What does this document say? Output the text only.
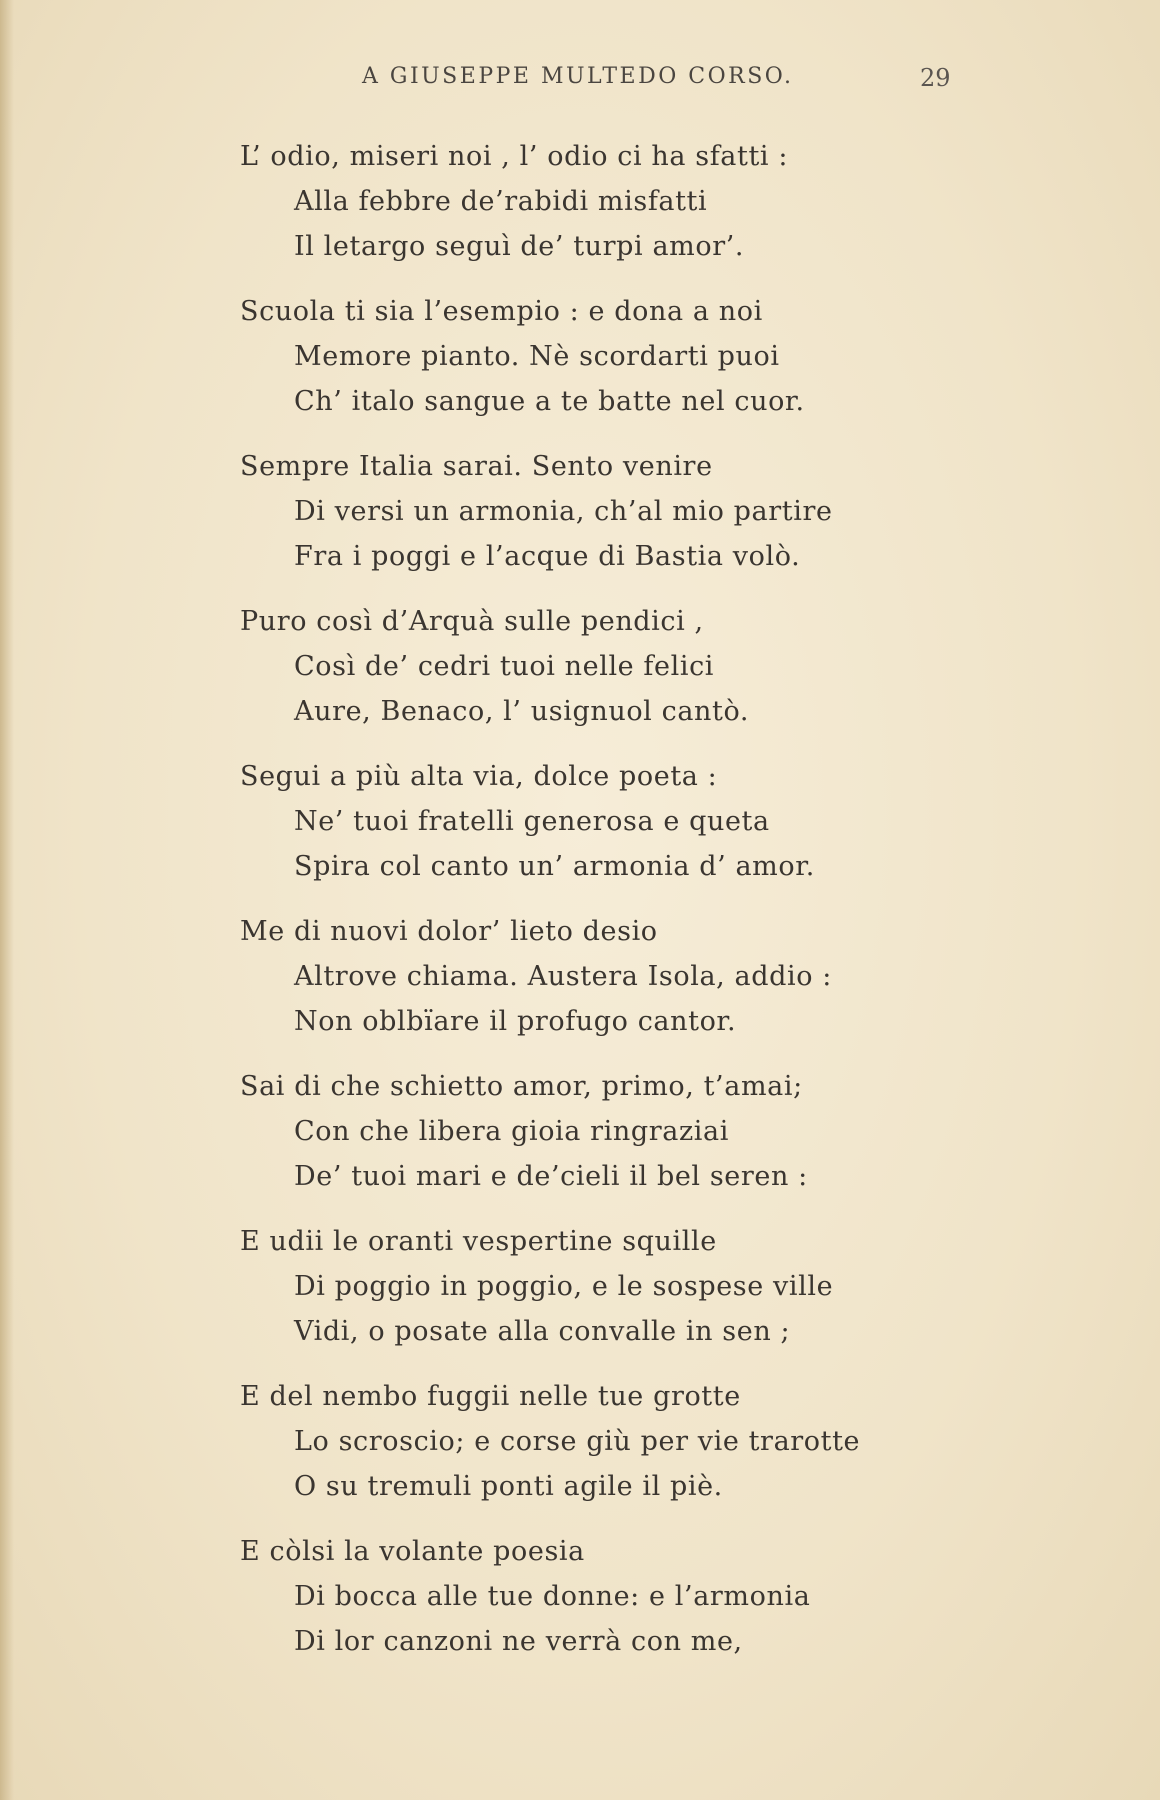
A GIUSEPPE MULTEDO CORSO.	29
L’ odio, miseri noi , l’ odio ci ha sfatti :
Alla febbre de’rabidi misfatti
Il letargo seguì de’ turpi amor’.
Scuola ti sia l’esempio : e dona a noi
Memore pianto. Nè scordarti puoi
Ch’ italo sangue a te batte nel cuor.
Sempre Italia sarai. Sento venire
Di versi un armonia, ch’al mio partire
Fra i poggi e l’acque di Bastia volò.
Puro così d’Arquà sulle pendici ,
Così de’ cedri tuoi nelle felici
Aure, Benaco, l’ usignuol cantò.
Segui a più alta via, dolce poeta :
Ne’ tuoi fratelli generosa e queta
Spira col canto un’ armonia d’ amor.
Me di nuovi dolor’ lieto desio
Altrove chiama. Austera Isola, addio :
Non oblbïare il profugo cantor.
Sai di che schietto amor, primo, t’amai;
Con che libera gioia ringraziai
De’ tuoi mari e de’cieli il bel seren :
E udii le oranti vespertine squille
Di poggio in poggio, e le sospese ville
Vidi, o posate alla convalle in sen ;
E del nembo fuggii nelle tue grotte
Lo scroscio; e corse giù per vie trarotte
O su tremuli ponti agile il piè.
E còlsi la volante poesia
Di bocca alle tue donne: e l’armonia
Di lor canzoni ne verrà con me,
